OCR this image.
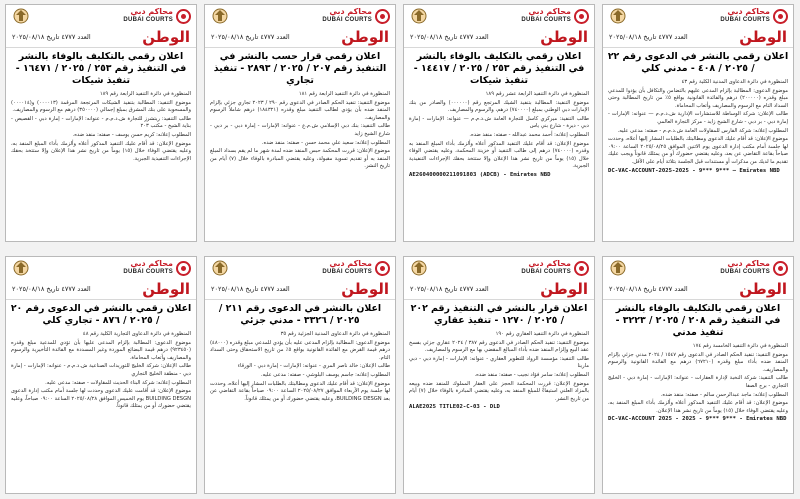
محاكم دبي
DUBAI COURTS
العدد ٤٧٧٧ تاريخ ٢٠٢٥/٠٨/١٨	الوطن
اعلان رقمي بالنشر في الدعوى رقم ٢٢ / ٢٠٢٥ / ٤٠٨ - مدني كلي

المنظورة في دائرة الدعاوى المدنية الكلية رقم ٤٣

موضوع الدعوى: المطالبة بإلزام المدعى عليهم بالتضامن والتكافل بأن يؤدوا للمدعي مبلغ وقدره (٢٠٠٠٠٠) درهم والفائدة القانونية بواقع ٥٪ من تاريخ المطالبة وحتى السداد التام مع الرسوم والمصاريف وأتعاب المحاماة.

طالب الإعلان: شركة الوساطة للاستشارات الإدارية ش.ذ.م.م — عنوانه: الإمارات - إمارة دبي - بر دبي - شارع الشيخ زايد - مركز التجارة العالمي

المطلوب إعلانه: شركة الفارس للمقاولات العامة ش.ذ.م.م - صفته: مدعى عليه.

موضوع الإعلان: قد أقام عليك الدعوى ومطالبتك بالطلبات المشار إليها أعلاه، وحددت لها جلسة أمام مكتب إدارة الدعوى يوم الاثنين الموافق ٢٠٢٥/٠٨/٢٥ الساعة ٠٩:٠٠ صباحاً بقاعة التقاضي عن بعد، وعليه يقتضي حضورك أو من يمثلك قانوناً ويجب عليك تقديم ما لديك من مذكرات أو مستندات قبل الجلسة بثلاثة أيام على الأقل.

DC-VAC-ACCOUNT-2025-2025 - 9*** 9*** — Emirates NBD

محاكم دبي
DUBAI COURTS
العدد ٤٧٧٧ تاريخ ٢٠٢٥/٠٨/١٨	الوطن
اعلان رقمي بالتكليف بالوفاء بالنشر في التنفيذ رقم ٢٥٣ / ٢٠٢٥ / ١٤٤١٧ - تنفيذ شيكات

المنظورة في دائرة التنفيذ الرابعة عشر رقم ١٨٩

موضوع التنفيذ: المطالبة بتنفيذ الشيك المرتجع رقم (٠٠٠٠٠٠) والصادر من بنك الإمارات دبي الوطني بمبلغ (٧٤٠٠٠٠) درهم، والرسوم والمصاريف.

طالب التنفيذ: ميركري كاسل للتجارة العامة ش.ذ.م.م — عنوانه: الإمارات - إمارة دبي - ديرة - شارع بني ياس

المطلوب إعلانه: أحمد محمد عبدالله - صفته: منفذ ضده.

موضوع الإعلان: قد أقام عليك التنفيذ المذكور أعلاه وألزمك بأداء المبلغ المنفذ به وقدره (٧٤٠٠٠٠) درهم إلى طالب التنفيذ أو خزينة المحكمة، وعليه يقتضي الوفاء خلال (١٥) يوماً من تاريخ نشر هذا الإعلان وإلا ستتخذ بحقك الإجراءات التنفيذية الجبرية.

AE260400000211091803 (ADCB) - Emirates NBD

محاكم دبي
DUBAI COURTS
العدد ٤٧٧٧ تاريخ ٢٠٢٥/٠٨/١٨	الوطن
اعلان رقمي قرار حسب بالنشر في التنفيذ رقم ٢٠٧ / ٢٠٢٥ / ٢٨٩٣ - تنفيذ تجاري

المنظورة في دائرة التنفيذ الرابعة رقم ١٨١

موضوع التنفيذ: تنفيذ الحكم الصادر في الدعوى رقم ٢٩٠ / ٢٠٢٣ تجاري جزئي بإلزام المنفذ ضده بأن يؤدي لطالب التنفيذ مبلغ وقدره (١٨٤٣٢١) درهم شاملاً الرسوم والمصاريف.

طالب التنفيذ: بنك دبي الإسلامي ش.م.ع - عنوانه: الإمارات - إمارة دبي - بر دبي - شارع الشيخ زايد

المطلوب إعلانه: سعيد علي محمد حسن - صفته: منفذ ضده.

موضوع الإعلان: قررت المحكمة حبس المنفذ ضده لمدة شهر ما لم يقم بسداد المبلغ المنفذ به أو تقديم تسوية مقبولة، وعليه يقتضي المبادرة بالوفاء خلال (٧) أيام من تاريخ النشر.

محاكم دبي
DUBAI COURTS
العدد ٤٧٧٧ تاريخ ٢٠٢٥/٠٨/١٨	الوطن
اعلان رقمي بالتكليف بالوفاء بالنشر في التنفيذ رقم ٢٥٣ / ٢٠٢٥ / ١٦٤٧١ - تنفيذ شيكات

المنظورة في دائرة التنفيذ الرابعة رقم ١٨٩

موضوع التنفيذ: المطالبة بتنفيذ الشيكات المرتجعة المرقمة (٠٠٠٠١٣) و(٠٠٠٠١٤) والمسحوبة على بنك المشرق بمبلغ إجمالي (٣٥٠٠٠٠) درهم مع الرسوم والمصاريف.

طالب التنفيذ: ريتشرز للتجارة ش.ذ.م.م - عنوانه: الإمارات - إمارة دبي - القصيص - بناية الشيخ - مكتب ٢٠٣

المطلوب إعلانه: كريم حسن يوسف - صفته: منفذ ضده.

موضوع الإعلان: قد أقام عليك التنفيذ المذكور أعلاه وألزمك بأداء المبلغ المنفذ به، وعليه يقتضي الوفاء خلال (١٥) يوماً من تاريخ نشر هذا الإعلان وإلا ستتخذ بحقك الإجراءات التنفيذية الجبرية.

محاكم دبي
DUBAI COURTS
العدد ٤٧٧٧ تاريخ ٢٠٢٥/٠٨/١٨	الوطن
اعلان رقمي بالتكليف بالوفاء بالنشر في التنفيذ رقم ٢٠٨ / ٢٠٢٥ / ٣٢٢٣ - تنفيذ مدني

المنظورة في دائرة التنفيذ الخامسة رقم ١٧٤

موضوع التنفيذ: تنفيذ الحكم الصادر في الدعوى رقم ١٥٤٧ / ٢٠٢٤ مدني جزئي بإلزام المنفذ ضده بأداء مبلغ وقدره (٦٧٢١٠) درهم مع الفائدة القانونية والرسوم والمصاريف.

طالب التنفيذ: شركة النخبة لإدارة العقارات - عنوانه: الإمارات - إمارة دبي - الخليج التجاري - برج الصفا

المطلوب إعلانه: ماجد عبدالرحمن سالم - صفته: منفذ ضده.

موضوع الإعلان: قد أقام عليك التنفيذ المذكور أعلاه وألزمك بأداء المبلغ المنفذ به، وعليه يقتضي الوفاء خلال (١٥) يوماً من تاريخ نشر هذا الإعلان.

DC-VAC-ACCOUNT 2025 - 2025 - 9*** 9*** - Emirates NBD

محاكم دبي
DUBAI COURTS
العدد ٤٧٧٧ تاريخ ٢٠٢٥/٠٨/١٨	الوطن
اعلان قرار بالنشر في التنفيذ رقم ٢٠٢ / ٢٠٢٥ / ١٢٧٠ - تنفيذ عقاري

المنظورة في دائرة التنفيذ العقاري رقم ١٩٠

موضوع التنفيذ: تنفيذ الحكم الصادر في الدعوى رقم ٣٨٧ / ٢٠٢٤ عقاري جزئي بفسخ عقد البيع وإلزام المنفذ ضده بأداء المبالغ المقضي بها مع الرسوم والمصاريف.

طالب التنفيذ: مؤسسة الرواد للتطوير العقاري - عنوانه: الإمارات - إمارة دبي - دبي مارينا

المطلوب إعلانه: سامر فؤاد نجيب - صفته: منفذ ضده.

موضوع الإعلان: قررت المحكمة الحجز على العقار المملوك للمنفذ ضده وبيعه بالمزاد العلني استيفاءً للمبلغ المنفذ به، وعليه يقتضي المبادرة بالوفاء خلال (٧) أيام من تاريخ النشر.

ALAE2025 TITLE02-C-03 - DLD

محاكم دبي
DUBAI COURTS
العدد ٤٧٧٧ تاريخ ٢٠٢٥/٠٨/١٨	الوطن
اعلان بالنشر في الدعوى رقم ٢١١ / ٢٠٢٥ / ٣٣٢٦ - مدني جزئي

المنظورة في دائرة الدعاوى المدنية الجزئية رقم ٣٥

موضوع الدعوى: المطالبة بإلزام المدعى عليه بأن يؤدي للمدعي مبلغ وقدره (٤٨٠٠٠) درهم قيمة القرض مع الفائدة القانونية بواقع ٥٪ من تاريخ الاستحقاق وحتى السداد التام.

طالب الإعلان: خالد ناصر المري - عنوانه: الإمارات - إمارة دبي - الورقاء

المطلوب إعلانه: جاسم يوسف البلوشي - صفته: مدعى عليه.

موضوع الإعلان: قد أقام عليك الدعوى ومطالبتك بالطلبات المشار إليها أعلاه، وحددت لها جلسة يوم الأربعاء الموافق ٢٠٢٥/٠٨/٢٧ الساعة ٠٩:٠٠ صباحاً بقاعة التقاضي عن بعد BUILDING DESGN، وعليه يقتضي حضورك أو من يمثلك قانوناً.

محاكم دبي
DUBAI COURTS
العدد ٤٧٧٧ تاريخ ٢٠٢٥/٠٨/١٨	الوطن
اعلان رقمي بالنشر في الدعوى رقم ٢٠ / ٢٠٢٥ / ٨٧٦ - تجاري كلي

المنظورة في دائرة الدعاوى التجارية الكلية رقم ٤٨

موضوع الدعوى: المطالبة بإلزام المدعى عليها بأن تؤدي للمدعية مبلغ وقدره (٩٢٣٤٥٠) درهم قيمة البضائع الموردة وغير المسددة مع الفائدة التأخيرية والرسوم والمصاريف وأتعاب المحاماة.

طالب الإعلان: شركة الخليج للتوريدات الصناعية ش.ذ.م.م - عنوانه: الإمارات - إمارة دبي - منطقة الخليج التجاري

المطلوب إعلانه: شركة البناء الحديث للمقاولات - صفته: مدعى عليه.

موضوع الإعلان: قد أقامت عليك الدعوى وحددت لها جلسة أمام مكتب إدارة الدعوى BUILDING DESGN يوم الخميس الموافق ٢٠٢٥/٠٨/٢٨ الساعة ٠٩:٠٠ صباحاً، وعليه يقتضي حضورك أو من يمثلك قانوناً.
